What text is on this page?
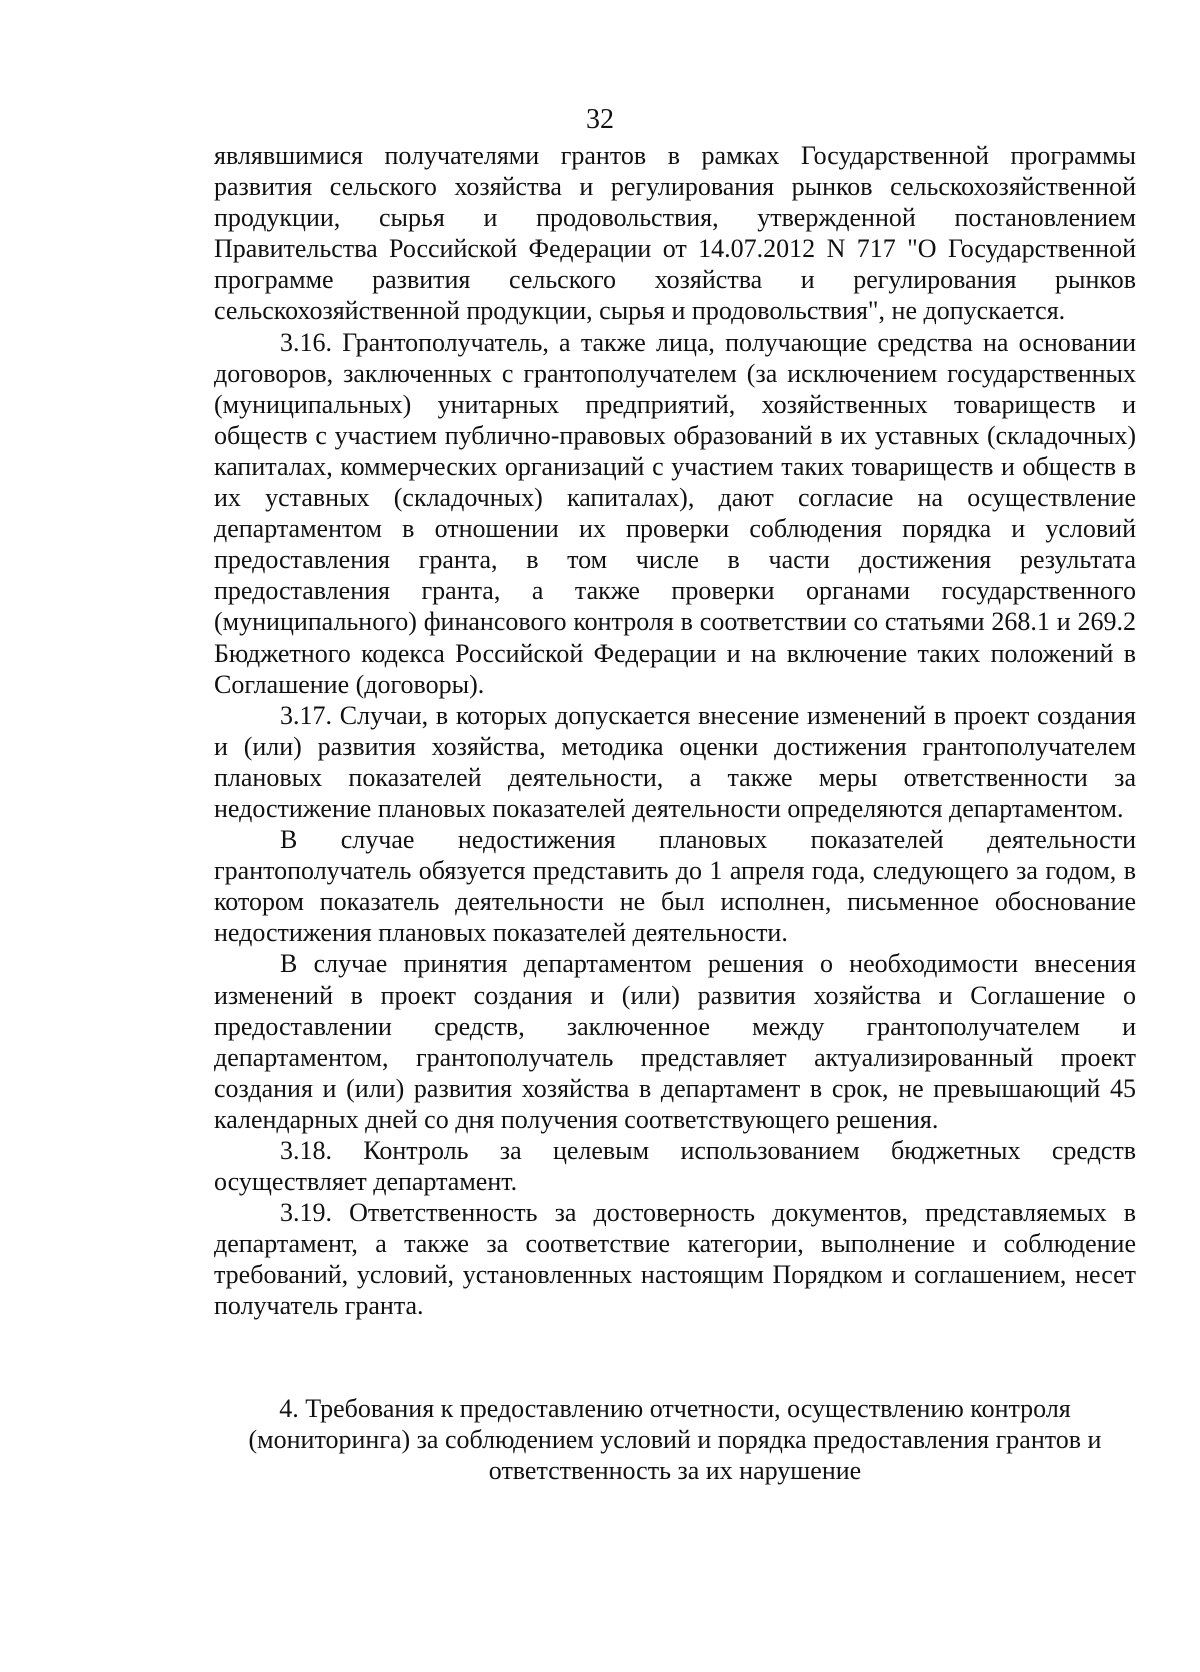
32

являвшимися получателями грантов в рамках Государственной программы развития сельского хозяйства и регулирования рынков сельскохозяйственной продукции, сырья и продовольствия, утвержденной постановлением Правительства Российской Федерации от 14.07.2012 N 717 "О Государственной программе развития сельского хозяйства и регулирования рынков сельскохозяйственной продукции, сырья и продовольствия", не допускается.

3.16. Грантополучатель, а также лица, получающие средства на основании договоров, заключенных с грантополучателем (за исключением государственных (муниципальных) унитарных предприятий, хозяйственных товариществ и обществ с участием публично-правовых образований в их уставных (складочных) капиталах, коммерческих организаций с участием таких товариществ и обществ в их уставных (складочных) капиталах), дают согласие на осуществление департаментом в отношении их проверки соблюдения порядка и условий предоставления гранта, в том числе в части достижения результата предоставления гранта, а также проверки органами государственного (муниципального) финансового контроля в соответствии со статьями 268.1 и 269.2 Бюджетного кодекса Российской Федерации и на включение таких положений в Соглашение (договоры).

3.17. Случаи, в которых допускается внесение изменений в проект создания и (или) развития хозяйства, методика оценки достижения грантополучателем плановых показателей деятельности, а также меры ответственности за недостижение плановых показателей деятельности определяются департаментом.

В случае недостижения плановых показателей деятельности грантополучатель обязуется представить до 1 апреля года, следующего за годом, в котором показатель деятельности не был исполнен, письменное обоснование недостижения плановых показателей деятельности.

В случае принятия департаментом решения о необходимости внесения изменений в проект создания и (или) развития хозяйства и Соглашение о предоставлении средств, заключенное между грантополучателем и департаментом, грантополучатель представляет актуализированный проект создания и (или) развития хозяйства в департамент в срок, не превышающий 45 календарных дней со дня получения соответствующего решения.

3.18. Контроль за целевым использованием бюджетных средств осуществляет департамент.

3.19. Ответственность за достоверность документов, представляемых в департамент, а также за соответствие категории, выполнение и соблюдение требований, условий, установленных настоящим Порядком и соглашением, несет получатель гранта.

4. Требования к предоставлению отчетности, осуществлению контроля

(мониторинга) за соблюдением условий и порядка предоставления грантов и

ответственность за их нарушение
